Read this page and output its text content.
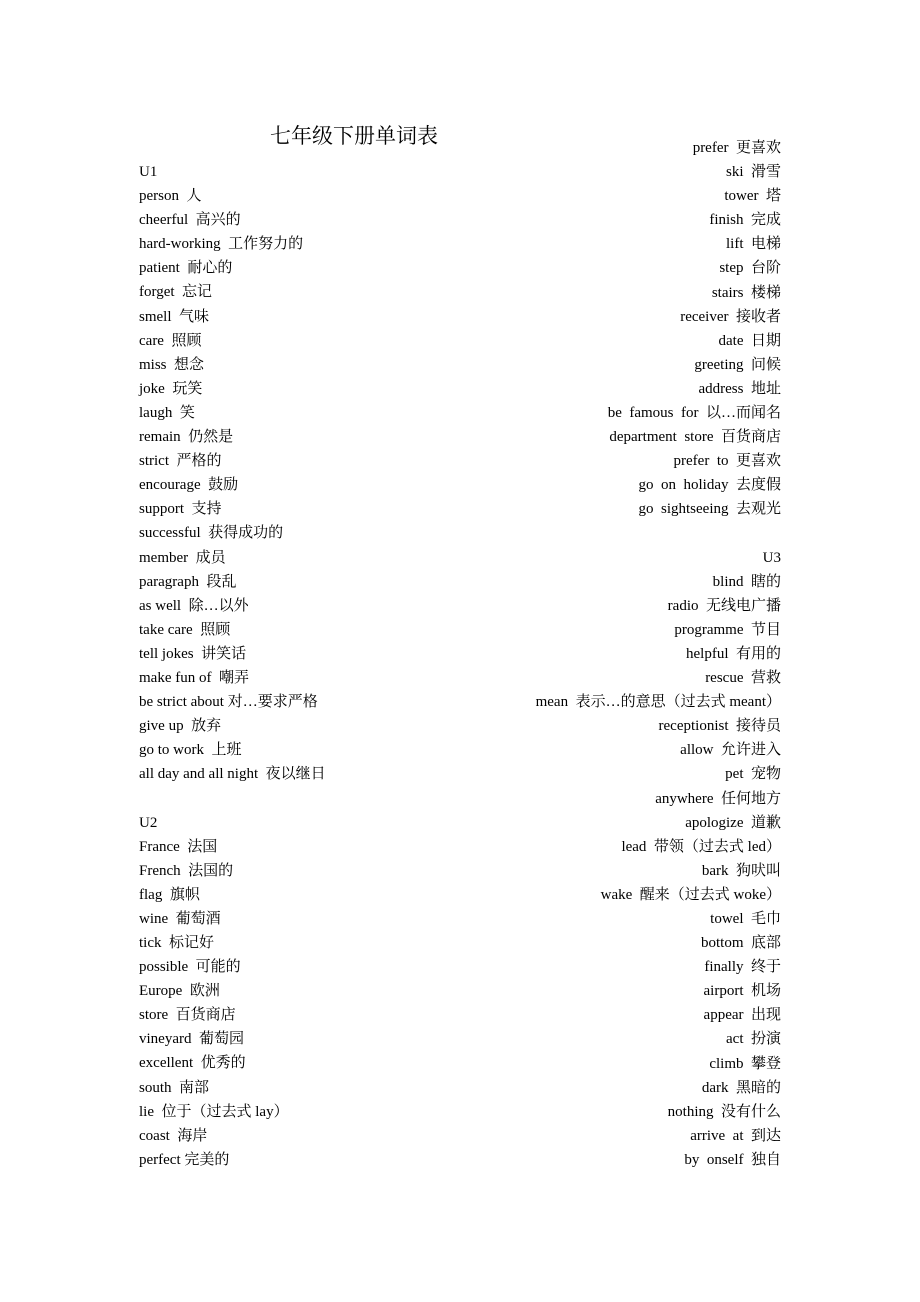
七年级下册单词表
U1
person  人
cheerful  高兴的
hard-working  工作努力的
patient  耐心的
forget  忘记
smell  气味
care  照顾
miss  想念
joke  玩笑
laugh  笑
remain  仍然是
strict  严格的
encourage  鼓励
support  支持
successful  获得成功的
member  成员
paragraph  段乱
as well  除…以外
take care  照顾
tell jokes  讲笑话
make fun of  嘲弄
be strict about 对…要求严格
give up  放弃
go to work  上班
all day and all night  夜以继日
U2
France  法国
French  法国的
flag  旗帜
wine  葡萄酒
tick  标记好
possible  可能的
Europe  欧洲
store  百货商店
vineyard  葡萄园
excellent  优秀的
south  南部
lie  位于（过去式 lay）
coast  海岸
perfect 完美的
prefer  更喜欢
ski  滑雪
tower  塔
finish  完成
lift  电梯
step  台阶
stairs  楼梯
receiver  接收者
date  日期
greeting  问候
address  地址
be  famous  for  以…而闻名
department  store  百货商店
prefer  to  更喜欢
go  on  holiday  去度假
go  sightseeing  去观光
U3
blind  瞎的
radio  无线电广播
programme  节目
helpful  有用的
rescue  营救
mean  表示…的意思（过去式 meant）
receptionist  接待员
allow  允许进入
pet  宠物
anywhere  任何地方
apologize  道歉
lead  带领（过去式 led）
bark  狗吠叫
wake  醒来（过去式 woke）
towel  毛巾
bottom  底部
finally  终于
airport  机场
appear  出现
act  扮演
climb  攀登
dark  黑暗的
nothing  没有什么
arrive  at  到达
by  onself  独自
